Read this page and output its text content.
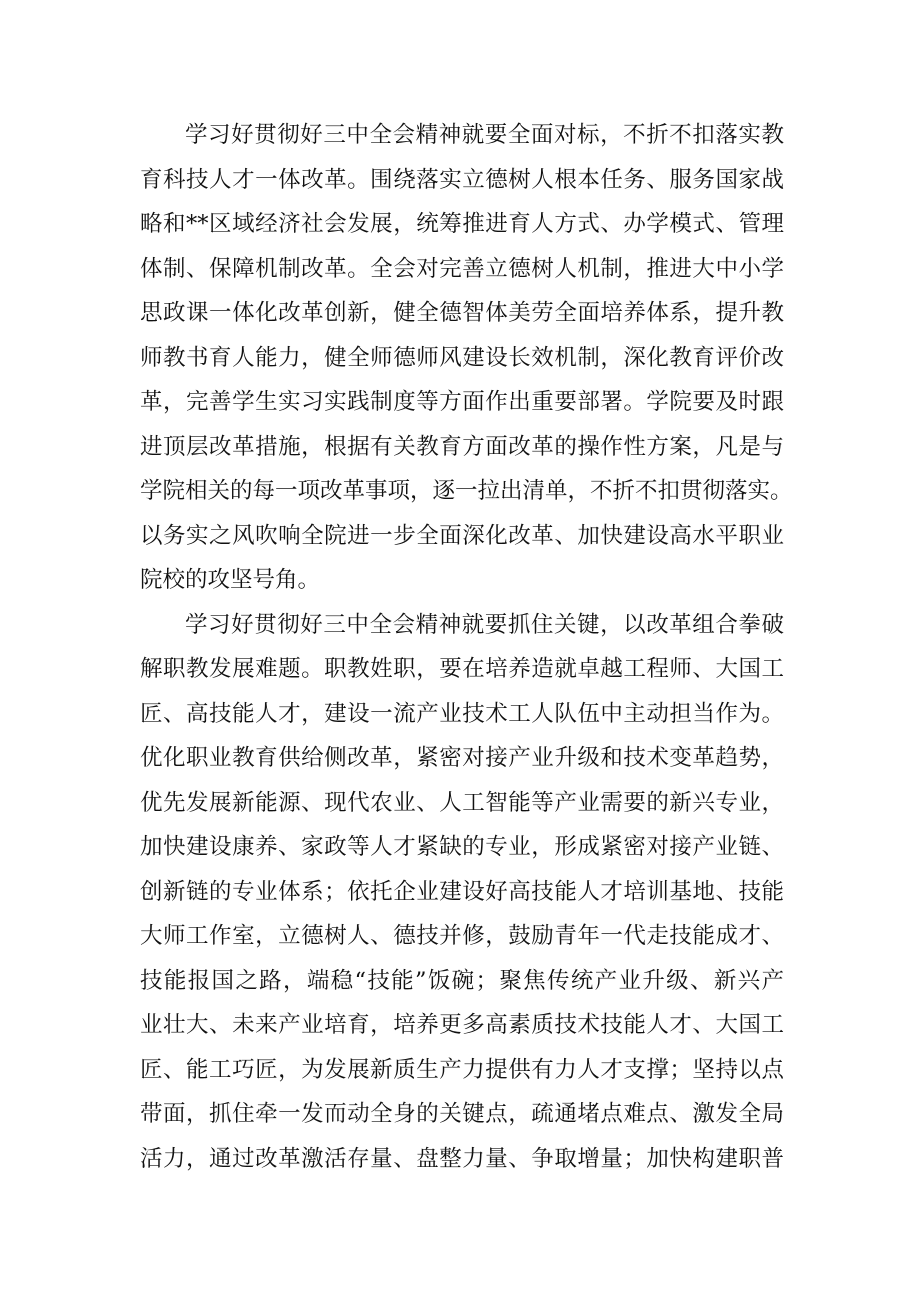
学习好贯彻好三中全会精神就要全面对标，不折不扣落实教
育科技人才一体改革。围绕落实立德树人根本任务、服务国家战
略和**区域经济社会发展，统筹推进育人方式、办学模式、管理
体制、保障机制改革。全会对完善立德树人机制，推进大中小学
思政课一体化改革创新，健全德智体美劳全面培养体系，提升教
师教书育人能力，健全师德师风建设长效机制，深化教育评价改
革，完善学生实习实践制度等方面作出重要部署。学院要及时跟
进顶层改革措施，根据有关教育方面改革的操作性方案，凡是与
学院相关的每一项改革事项，逐一拉出清单，不折不扣贯彻落实。
以务实之风吹响全院进一步全面深化改革、加快建设高水平职业
院校的攻坚号角。
学习好贯彻好三中全会精神就要抓住关键，以改革组合拳破
解职教发展难题。职教姓职，要在培养造就卓越工程师、大国工
匠、高技能人才，建设一流产业技术工人队伍中主动担当作为。
优化职业教育供给侧改革，紧密对接产业升级和技术变革趋势，
优先发展新能源、现代农业、人工智能等产业需要的新兴专业，
加快建设康养、家政等人才紧缺的专业，形成紧密对接产业链、
创新链的专业体系；依托企业建设好高技能人才培训基地、技能
大师工作室，立德树人、德技并修，鼓励青年一代走技能成才、
技能报国之路，端稳“技能”饭碗；聚焦传统产业升级、新兴产
业壮大、未来产业培育，培养更多高素质技术技能人才、大国工
匠、能工巧匠，为发展新质生产力提供有力人才支撑；坚持以点
带面，抓住牵一发而动全身的关键点，疏通堵点难点、激发全局
活力，通过改革激活存量、盘整力量、争取增量；加快构建职普
